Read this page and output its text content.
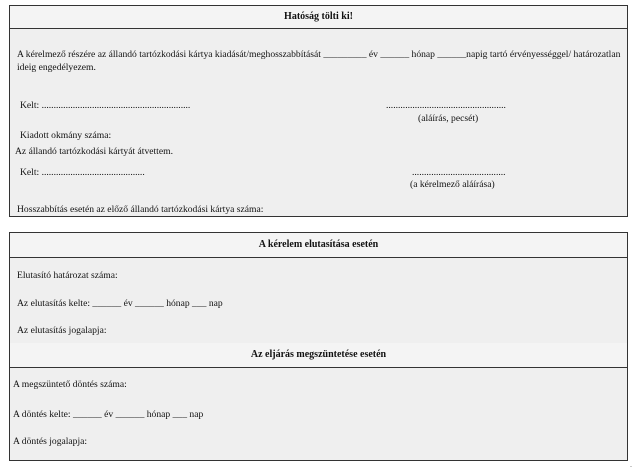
Hatóság tölti ki!
A kérelmező részére az állandó tartózkodási kártya kiadását/meghosszabbítását _________ év ______ hónap ______napig tartó érvényességgel/ határozatlan ideig engedélyezem.
Kelt: ..............................................................	..................................................
(aláírás, pecsét)
Kiadott okmány száma:
Az állandó tartózkodási kártyát átvettem.
Kelt: ...........................................	.......................................
(a kérelmező aláírása)
Hosszabbítás esetén az előző állandó tartózkodási kártya száma:
A kérelem elutasítása esetén
Elutasító határozat száma:
Az elutasítás kelte: ______ év ______ hónap ___ nap
Az elutasítás jogalapja:
Az eljárás megszüntetése esetén
A megszüntető döntés száma:
A döntés kelte: ______ év ______ hónap ___ nap
A döntés jogalapja:
"
